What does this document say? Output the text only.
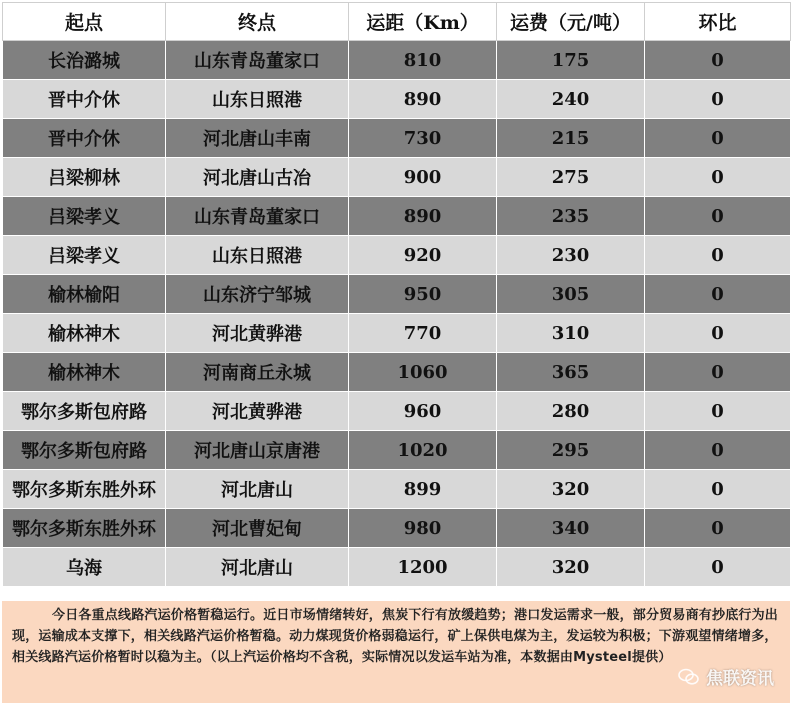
起点	终点	运距（Km）	运费（元/吨）	环比
长治潞城	山东青岛董家口	810	175	0
晋中介休	山东日照港	890	240	0
晋中介休	河北唐山丰南	730	215	0
吕梁柳林	河北唐山古冶	900	275	0
吕梁孝义	山东青岛董家口	890	235	0
吕梁孝义	山东日照港	920	230	0
榆林榆阳	山东济宁邹城	950	305	0
榆林神木	河北黄骅港	770	310	0
榆林神木	河南商丘永城	1060	365	0
鄂尔多斯包府路	河北黄骅港	960	280	0
鄂尔多斯包府路	河北唐山京唐港	1020	295	0
鄂尔多斯东胜外环	河北唐山	899	320	0
鄂尔多斯东胜外环	河北曹妃甸	980	340	0
乌海	河北唐山	1200	320	0
今日各重点线路汽运价格暂稳运行。近日市场情绪转好，焦炭下行有放缓趋势；港口发运需求一般，部分贸易商有抄底行为出现，运输成本支撑下，相关线路汽运价格暂稳。动力煤现货价格弱稳运行，矿上保供电煤为主，发运较为积极；下游观望情绪增多，相关线路汽运价格暂时以稳为主。（以上汽运价格均不含税，实际情况以发运车站为准，本数据由Mysteel提供）
焦联资讯
